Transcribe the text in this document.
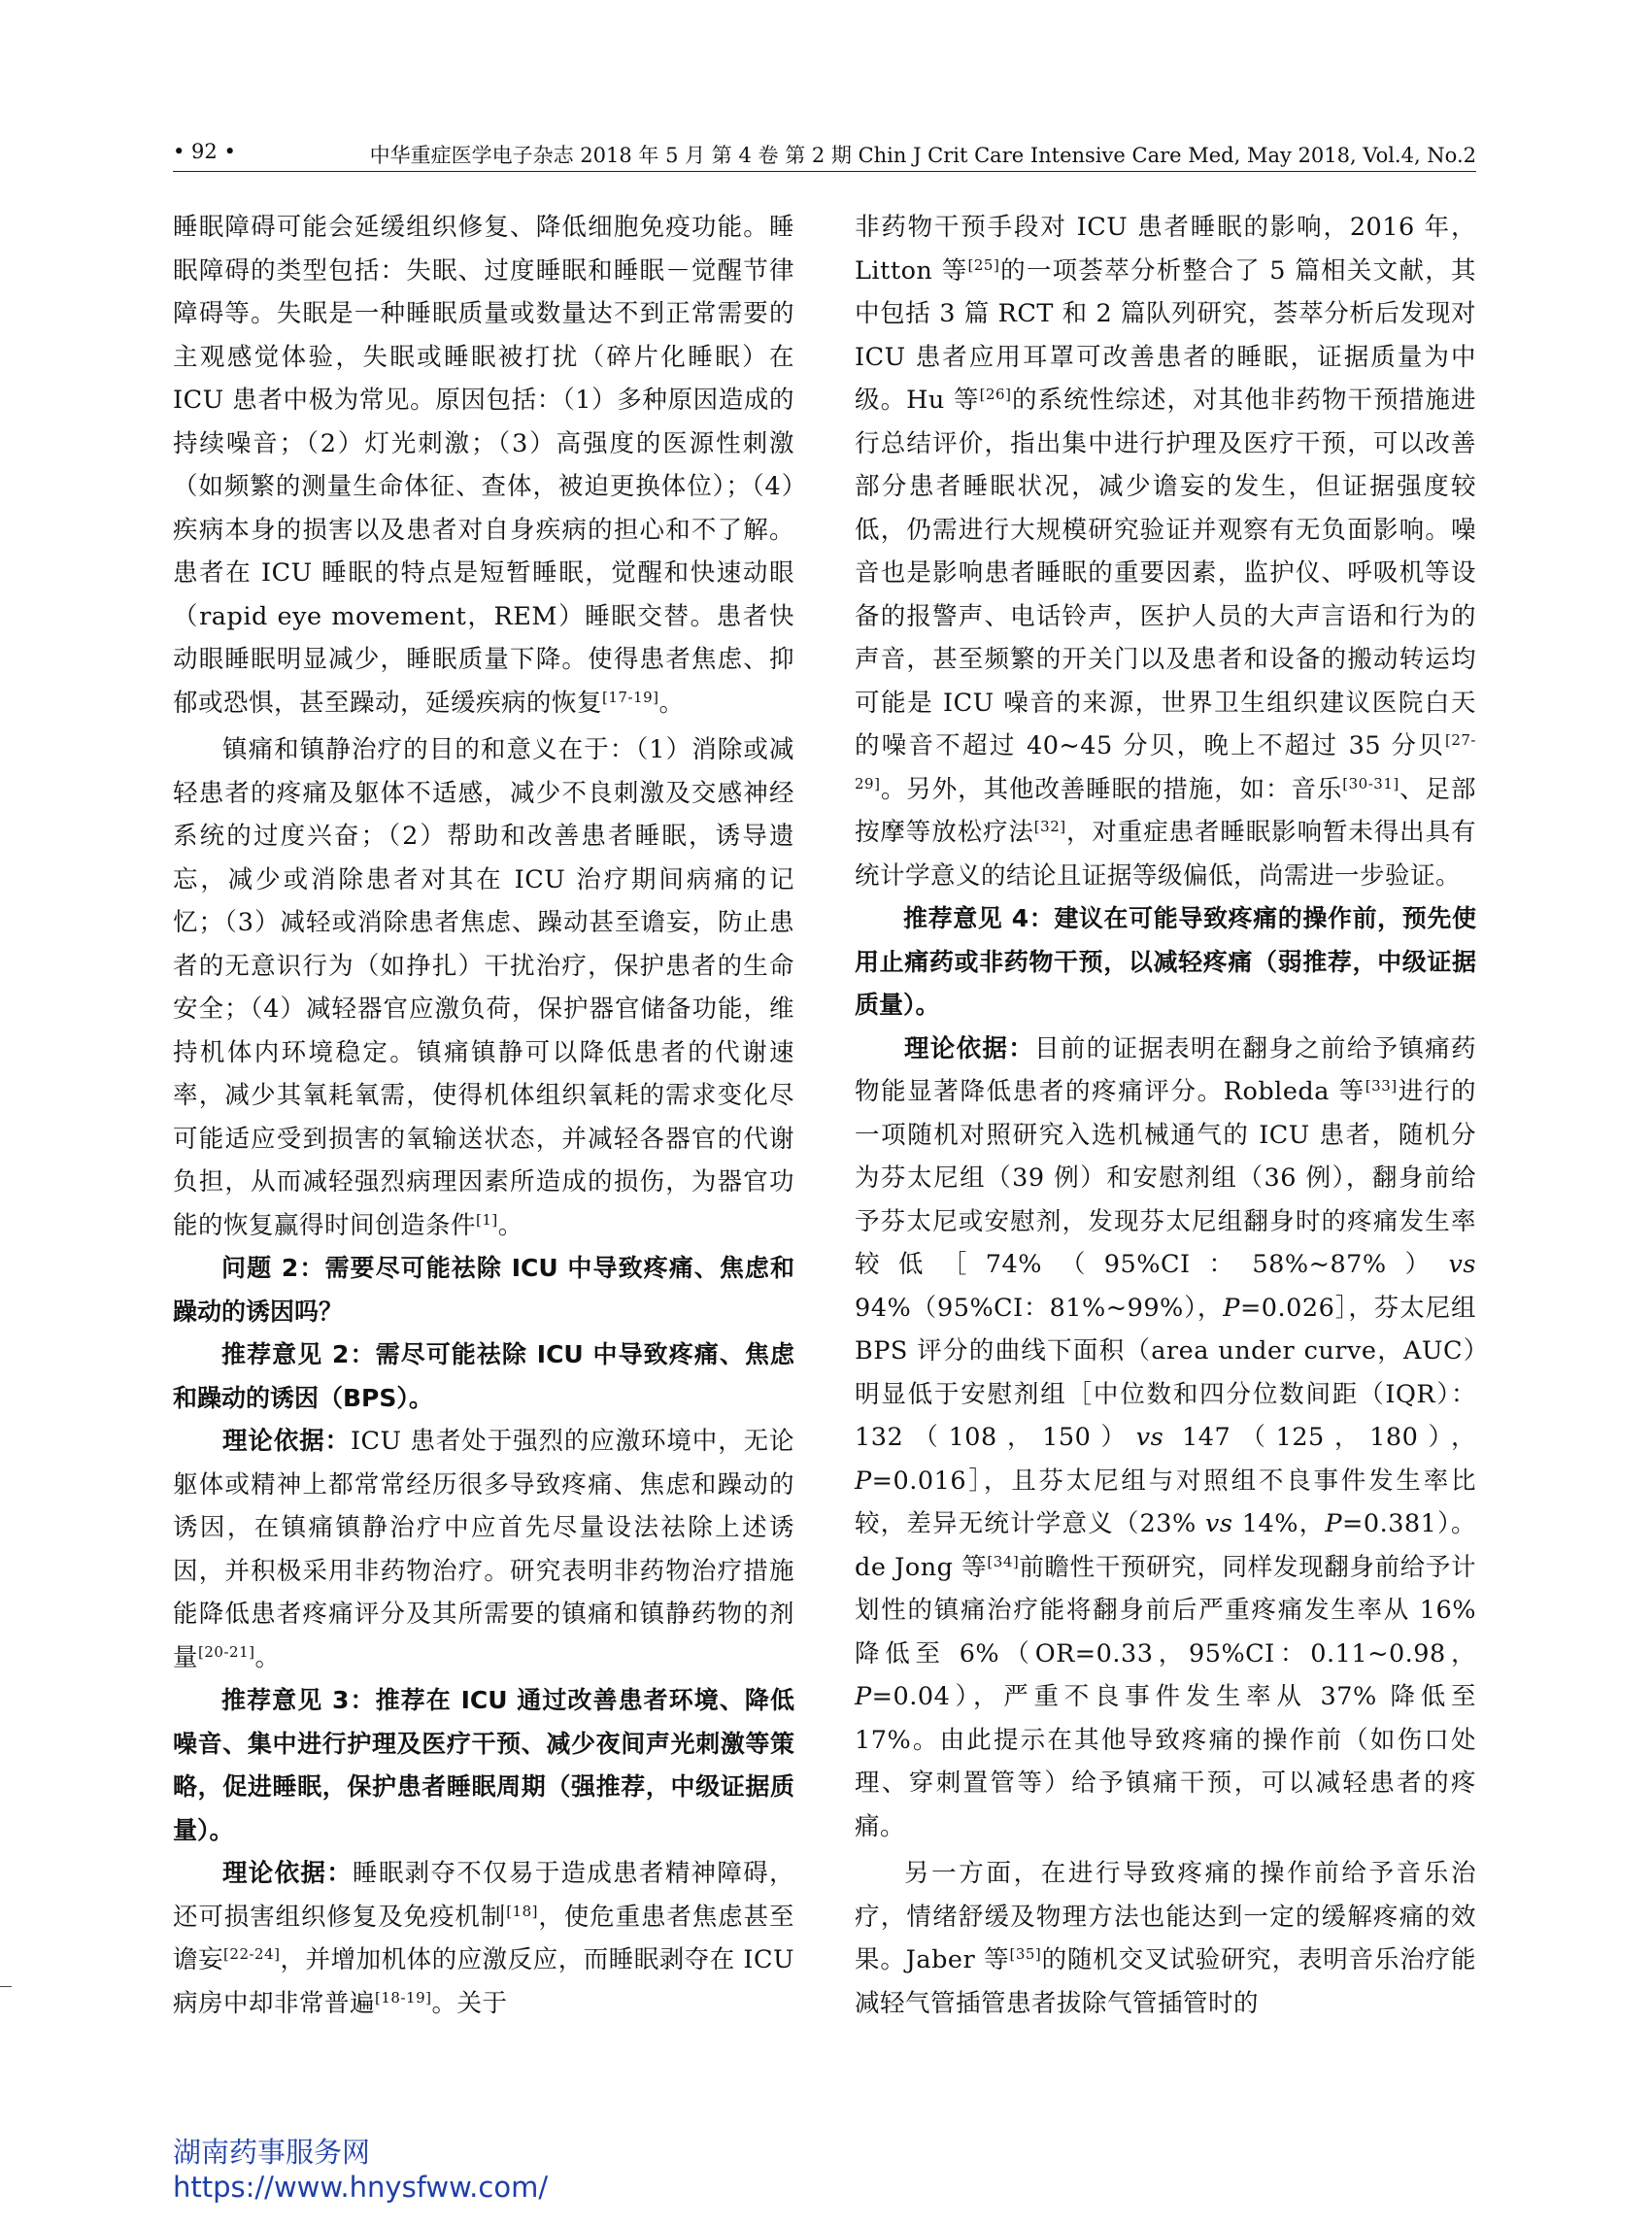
• 92 •	中华重症医学电子杂志 2018 年 5 月 第 4 卷 第 2 期 Chin J Crit Care Intensive Care Med, May 2018, Vol.4, No.2

睡眠障碍可能会延缓组织修复、降低细胞免疫功能。睡眠障碍的类型包括：失眠、过度睡眠和睡眠－觉醒节律障碍等。失眠是一种睡眠质量或数量达不到正常需要的主观感觉体验，失眠或睡眠被打扰（碎片化睡眠）在 ICU 患者中极为常见。原因包括：（1）多种原因造成的持续噪音；（2）灯光刺激；（3）高强度的医源性刺激（如频繁的测量生命体征、查体，被迫更换体位）；（4）疾病本身的损害以及患者对自身疾病的担心和不了解。患者在 ICU 睡眠的特点是短暂睡眠，觉醒和快速动眼（rapid eye movement，REM）睡眠交替。患者快动眼睡眠明显减少，睡眠质量下降。使得患者焦虑、抑郁或恐惧，甚至躁动，延缓疾病的恢复[17-19]。

镇痛和镇静治疗的目的和意义在于：（1）消除或减轻患者的疼痛及躯体不适感，减少不良刺激及交感神经系统的过度兴奋；（2）帮助和改善患者睡眠，诱导遗忘，减少或消除患者对其在 ICU 治疗期间病痛的记忆；（3）减轻或消除患者焦虑、躁动甚至谵妄，防止患者的无意识行为（如挣扎）干扰治疗，保护患者的生命安全；（4）减轻器官应激负荷，保护器官储备功能，维持机体内环境稳定。镇痛镇静可以降低患者的代谢速率，减少其氧耗氧需，使得机体组织氧耗的需求变化尽可能适应受到损害的氧输送状态，并减轻各器官的代谢负担，从而减轻强烈病理因素所造成的损伤，为器官功能的恢复赢得时间创造条件[1]。

问题 2：需要尽可能祛除 ICU 中导致疼痛、焦虑和躁动的诱因吗？

推荐意见 2：需尽可能祛除 ICU 中导致疼痛、焦虑和躁动的诱因（BPS）。

理论依据：ICU 患者处于强烈的应激环境中，无论躯体或精神上都常常经历很多导致疼痛、焦虑和躁动的诱因，在镇痛镇静治疗中应首先尽量设法祛除上述诱因，并积极采用非药物治疗。研究表明非药物治疗措施能降低患者疼痛评分及其所需要的镇痛和镇静药物的剂量[20-21]。

推荐意见 3：推荐在 ICU 通过改善患者环境、降低噪音、集中进行护理及医疗干预、减少夜间声光刺激等策略，促进睡眠，保护患者睡眠周期（强推荐，中级证据质量）。

理论依据：睡眠剥夺不仅易于造成患者精神障碍，还可损害组织修复及免疫机制[18]，使危重患者焦虑甚至谵妄[22-24]，并增加机体的应激反应，而睡眠剥夺在 ICU 病房中却非常普遍[18-19]。关于

非药物干预手段对 ICU 患者睡眠的影响，2016 年，Litton 等[25]的一项荟萃分析整合了 5 篇相关文献，其中包括 3 篇 RCT 和 2 篇队列研究，荟萃分析后发现对 ICU 患者应用耳罩可改善患者的睡眠，证据质量为中级。Hu 等[26]的系统性综述，对其他非药物干预措施进行总结评价，指出集中进行护理及医疗干预，可以改善部分患者睡眠状况，减少谵妄的发生，但证据强度较低，仍需进行大规模研究验证并观察有无负面影响。噪音也是影响患者睡眠的重要因素，监护仪、呼吸机等设备的报警声、电话铃声，医护人员的大声言语和行为的声音，甚至频繁的开关门以及患者和设备的搬动转运均可能是 ICU 噪音的来源，世界卫生组织建议医院白天的噪音不超过 40~45 分贝，晚上不超过 35 分贝[27-29]。另外，其他改善睡眠的措施，如：音乐[30-31]、足部按摩等放松疗法[32]，对重症患者睡眠影响暂未得出具有统计学意义的结论且证据等级偏低，尚需进一步验证。

推荐意见 4：建议在可能导致疼痛的操作前，预先使用止痛药或非药物干预，以减轻疼痛（弱推荐，中级证据质量）。

理论依据：目前的证据表明在翻身之前给予镇痛药物能显著降低患者的疼痛评分。Robleda 等[33]进行的一项随机对照研究入选机械通气的 ICU 患者，随机分为芬太尼组（39 例）和安慰剂组（36 例），翻身前给予芬太尼或安慰剂，发现芬太尼组翻身时的疼痛发生率较低［74%（95%CI：58%~87%）vs 94%（95%CI：81%~99%），P=0.026］，芬太尼组 BPS 评分的曲线下面积（area under curve，AUC）明显低于安慰剂组［中位数和四分位数间距（IQR）：132（108，150）vs 147（125，180），P=0.016］，且芬太尼组与对照组不良事件发生率比较，差异无统计学意义（23% vs 14%，P=0.381）。de Jong 等[34]前瞻性干预研究，同样发现翻身前给予计划性的镇痛治疗能将翻身前后严重疼痛发生率从 16% 降低至 6%（OR=0.33，95%CI：0.11~0.98，P=0.04），严重不良事件发生率从 37% 降低至 17%。由此提示在其他导致疼痛的操作前（如伤口处理、穿刺置管等）给予镇痛干预，可以减轻患者的疼痛。

另一方面，在进行导致疼痛的操作前给予音乐治疗，情绪舒缓及物理方法也能达到一定的缓解疼痛的效果。Jaber 等[35]的随机交叉试验研究，表明音乐治疗能减轻气管插管患者拔除气管插管时的

湖南药事服务网
https://www.hnysfww.com/
